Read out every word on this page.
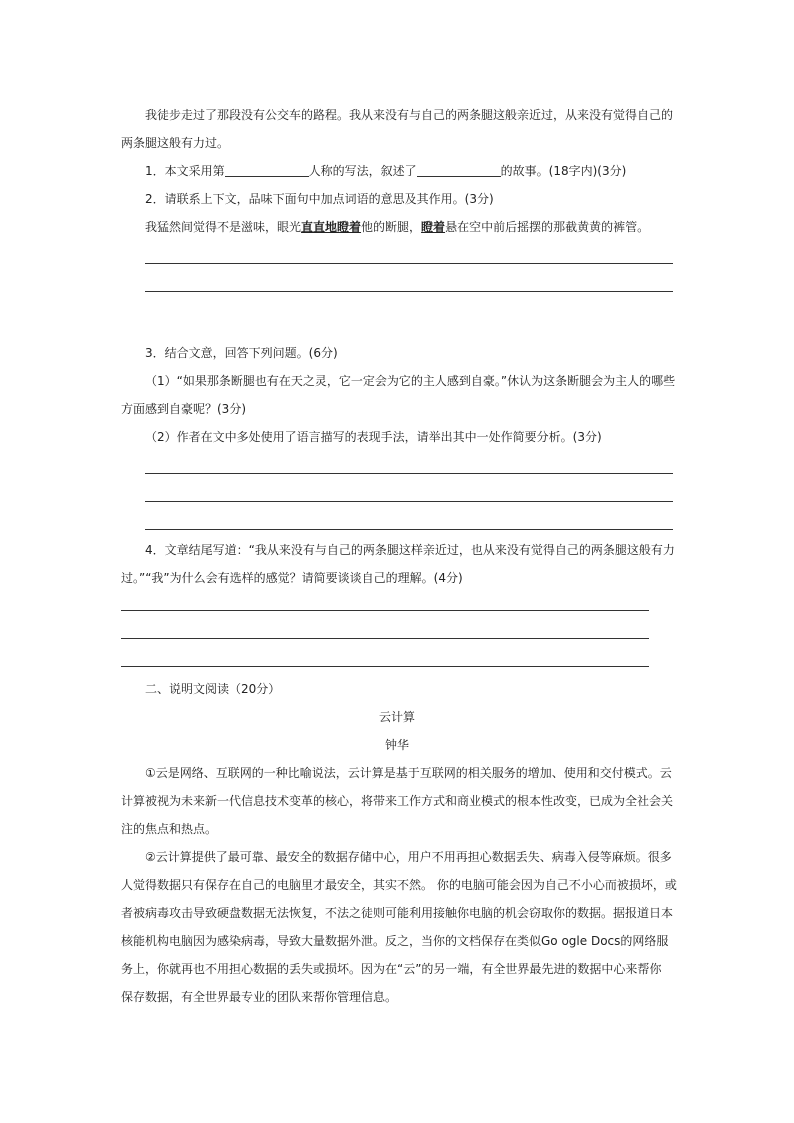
我徒步走过了那段没有公交车的路程。我从来没有与自己的两条腿这般亲近过，从来没有觉得自己的

两条腿这般有力过。

1．本文采用第	人称的写法，叙述了	的故事。(18字内)(3分)

2．请联系上下文，品味下面句中加点词语的意思及其作用。(3分)

我猛然间觉得不是滋味，眼光直直地瞪着他的断腿，瞪着悬在空中前后摇摆的那截黄黄的裤管。

3．结合文意，回答下列问题。(6分)

（1）“如果那条断腿也有在天之灵，它一定会为它的主人感到自豪。”休认为这条断腿会为主人的哪些

方面感到自豪呢？(3分)

（2）作者在文中多处使用了语言描写的表现手法，请举出其中一处作简要分析。(3分)

4．文章结尾写道：“我从来没有与自己的两条腿这样亲近过，也从来没有觉得自己的两条腿这般有力

过。”“我”为什么会有选样的感觉？请简要谈谈自己的理解。(4分)

二、说明文阅读（20分）

云计算

钟华

①云是网络、互联网的一种比喻说法，云计算是基于互联网的相关服务的增加、使用和交付模式。云

计算被视为未来新一代信息技术变革的核心，将带来工作方式和商业模式的根本性改变，已成为全社会关

注的焦点和热点。

②云计算提供了最可靠、最安全的数据存储中心，用户不用再担心数据丢失、病毒入侵等麻烦。很多

人觉得数据只有保存在自己的电脑里才最安全，其实不然。 你的电脑可能会因为自己不小心而被损坏，或

者被病毒攻击导致硬盘数据无法恢复，不法之徒则可能利用接触你电脑的机会窃取你的数据。据报道日本

核能机构电脑因为感染病毒，导致大量数据外泄。反之，当你的文档保存在类似Go ogle Docs的网络服

务上，你就再也不用担心数据的丢失或损坏。因为在“云”的另一端，有全世界最先进的数据中心来帮你

保存数据，有全世界最专业的团队来帮你管理信息。
